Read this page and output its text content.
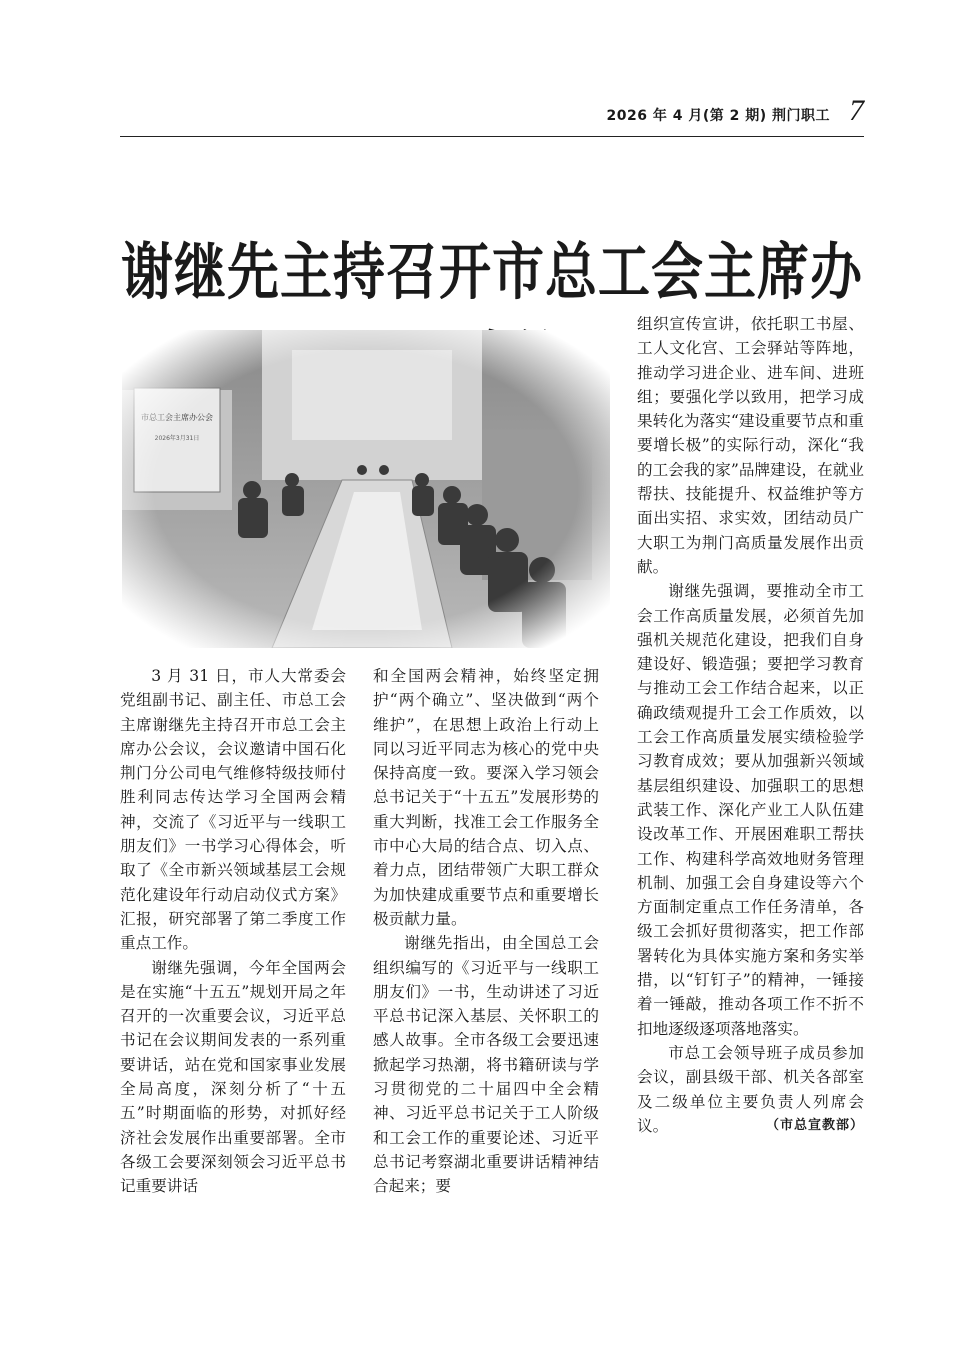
2026 年 4 月(第 2 期) 荆门职工 7
谢继先主持召开市总工会主席办

3 月 31 日，市人大常委会党组副书记、副主任、市总工会主席谢继先主持召开市总工会主席办公会议，会议邀请中国石化荆门分公司电气维修特级技师付胜利同志传达学习全国两会精神，交流了《习近平与一线职工朋友们》一书学习心得体会，听取了《全市新兴领域基层工会规范化建设年行动启动仪式方案》汇报，研究部署了第二季度工作重点工作。

谢继先强调，今年全国两会是在实施“十五五”规划开局之年召开的一次重要会议，习近平总书记在会议期间发表的一系列重要讲话，站在党和国家事业发展全局高度，深刻分析了“十五五”时期面临的形势，对抓好经济社会发展作出重要部署。全市各级工会要深刻领会习近平总书记重要讲话

和全国两会精神，始终坚定拥护“两个确立”、坚决做到“两个维护”，在思想上政治上行动上同以习近平同志为核心的党中央保持高度一致。要深入学习领会总书记关于“十五五”发展形势的重大判断，找准工会工作服务全市中心大局的结合点、切入点、着力点，团结带领广大职工群众为加快建成重要节点和重要增长极贡献力量。

谢继先指出，由全国总工会组织编写的《习近平与一线职工朋友们》一书，生动讲述了习近平总书记深入基层、关怀职工的感人故事。全市各级工会要迅速掀起学习热潮，将书籍研读与学习贯彻党的二十届四中全会精神、习近平总书记关于工人阶级和工会工作的重要论述、习近平总书记考察湖北重要讲话精神结合起来；要

组织宣传宣讲，依托职工书屋、工人文化宫、工会驿站等阵地，推动学习进企业、进车间、进班组；要强化学以致用，把学习成果转化为落实“建设重要节点和重要增长极”的实际行动，深化“我的工会我的家”品牌建设，在就业帮扶、技能提升、权益维护等方面出实招、求实效，团结动员广大职工为荆门高质量发展作出贡献。

谢继先强调，要推动全市工会工作高质量发展，必须首先加强机关规范化建设，把我们自身建设好、锻造强；要把学习教育与推动工会工作结合起来，以正确政绩观提升工会工作质效，以工会工作高质量发展实绩检验学习教育成效；要从加强新兴领域基层组织建设、加强职工的思想武装工作、深化产业工人队伍建设改革工作、开展困难职工帮扶工作、构建科学高效地财务管理机制、加强工会自身建设等六个方面制定重点工作任务清单，各级工会抓好贯彻落实，把工作部署转化为具体实施方案和务实举措，以“钉钉子”的精神，一锤接着一锤敲，推动各项工作不折不扣地逐级逐项落地落实。

市总工会领导班子成员参加会议，副县级干部、机关各部室及二级单位主要负责人列席会议。	（市总宣教部）
